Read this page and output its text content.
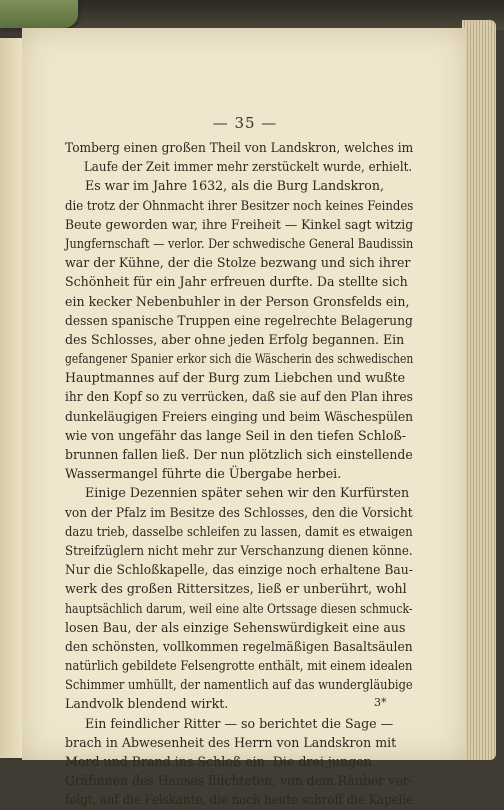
— 35 —
Tomberg einen großen Theil von Landskron, welches im
Laufe der Zeit immer mehr zerstückelt wurde, erhielt.
Es war im Jahre 1632, als die Burg Landskron,
die trotz der Ohnmacht ihrer Besitzer noch keines Feindes
Beute geworden war, ihre Freiheit — Kinkel sagt witzig
Jungfernschaft — verlor. Der schwedische General Baudissin
war der Kühne, der die Stolze bezwang und sich ihrer
Schönheit für ein Jahr erfreuen durfte. Da stellte sich
ein kecker Nebenbuhler in der Person Gronsfelds ein,
dessen spanische Truppen eine regelrechte Belagerung
des Schlosses, aber ohne jeden Erfolg begannen. Ein
gefangener Spanier erkor sich die Wäscherin des schwedischen
Hauptmannes auf der Burg zum Liebchen und wußte
ihr den Kopf so zu verrücken, daß sie auf den Plan ihres
dunkeläugigen Freiers einging und beim Wäschespülen
wie von ungefähr das lange Seil in den tiefen Schloß-
brunnen fallen ließ. Der nun plötzlich sich einstellende
Wassermangel führte die Übergabe herbei.
Einige Dezennien später sehen wir den Kurfürsten
von der Pfalz im Besitze des Schlosses, den die Vorsicht
dazu trieb, dasselbe schleifen zu lassen, damit es etwaigen
Streifzüglern nicht mehr zur Verschanzung dienen könne.
Nur die Schloßkapelle, das einzige noch erhaltene Bau-
werk des großen Rittersitzes, ließ er unberührt, wohl
hauptsächlich darum, weil eine alte Ortssage diesen schmuck-
losen Bau, der als einzige Sehenswürdigkeit eine aus
den schönsten, vollkommen regelmäßigen Basaltsäulen
natürlich gebildete Felsengrotte enthält, mit einem idealen
Schimmer umhüllt, der namentlich auf das wundergläubige
Landvolk blendend wirkt.
Ein feindlicher Ritter — so berichtet die Sage —
brach in Abwesenheit des Herrn von Landskron mit
Mord und Brand ins Schloß ein. Die drei jungen
Gräfinnen des Hauses flüchteten, von dem Räuber ver-
folgt, auf die Felskante, die noch heute schroff die Kapelle
3*
